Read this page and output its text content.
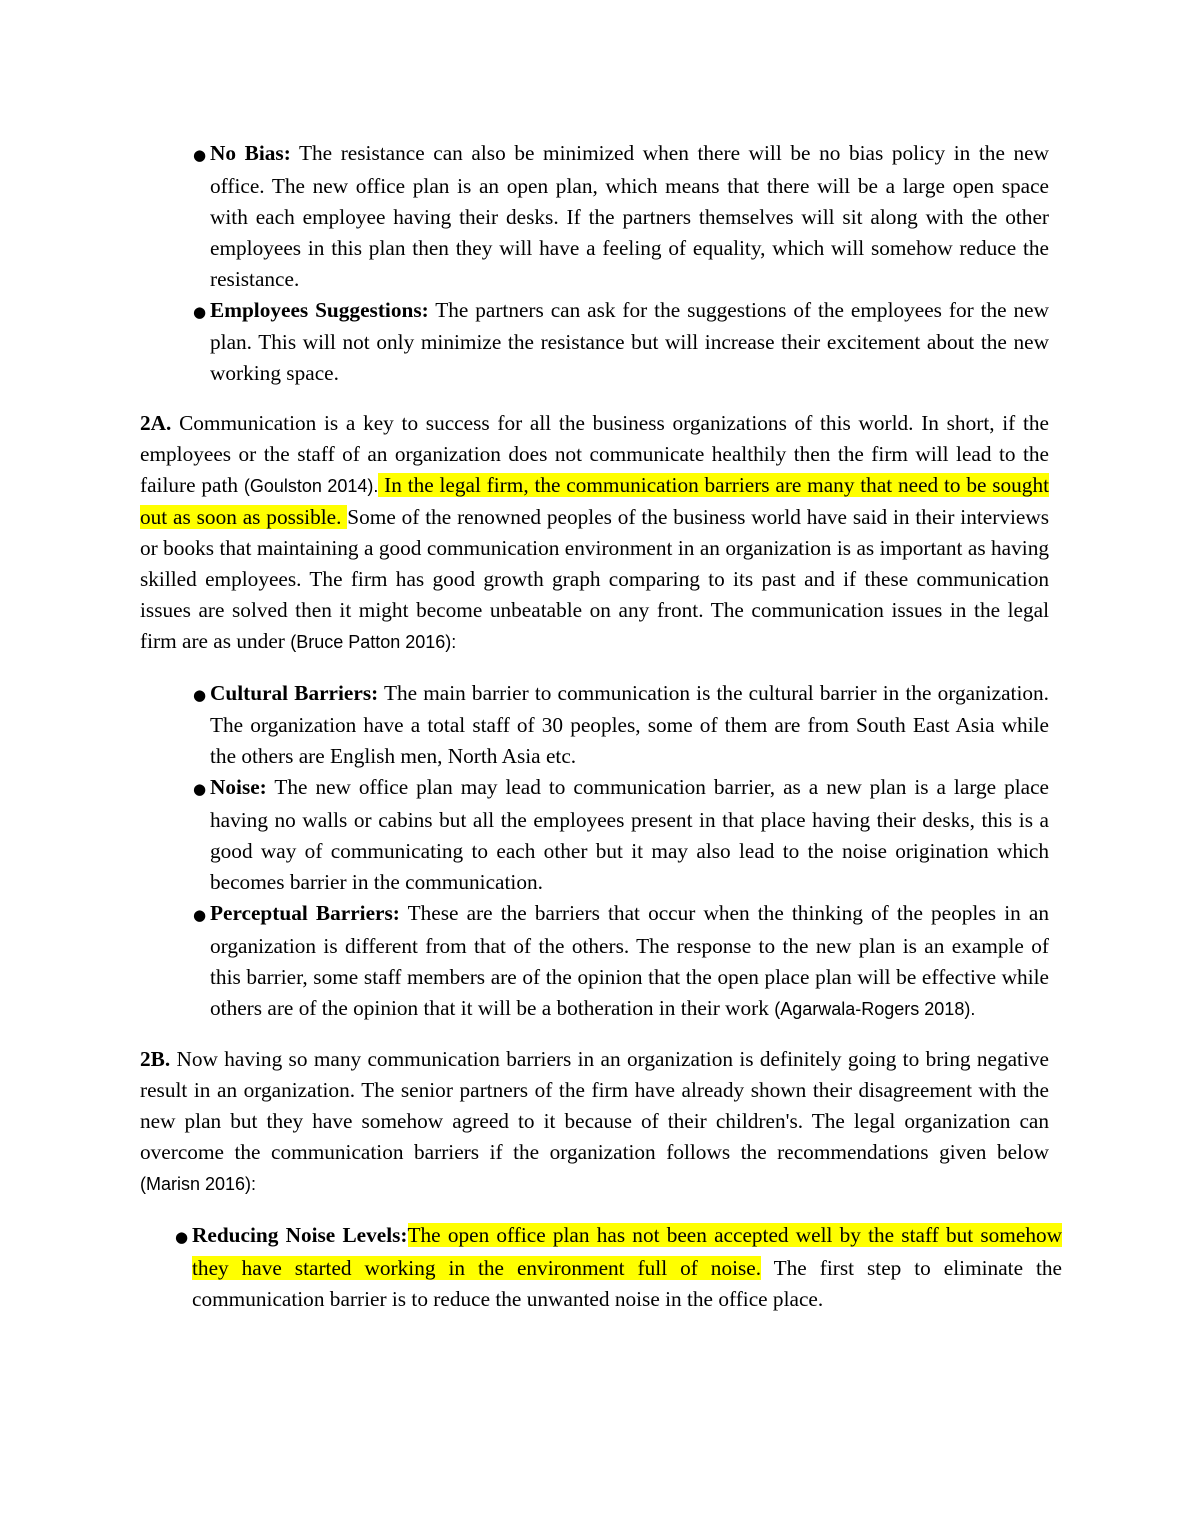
● No Bias: The resistance can also be minimized when there will be no bias policy in the new office. The new office plan is an open plan, which means that there will be a large open space with each employee having their desks. If the partners themselves will sit along with the other employees in this plan then they will have a feeling of equality, which will somehow reduce the resistance.
● Employees Suggestions: The partners can ask for the suggestions of the employees for the new plan. This will not only minimize the resistance but will increase their excitement about the new working space.

2A. Communication is a key to success for all the business organizations of this world. In short, if the employees or the staff of an organization does not communicate healthily then the firm will lead to the failure path (Goulston 2014). In the legal firm, the communication barriers are many that need to be sought out as soon as possible. Some of the renowned peoples of the business world have said in their interviews or books that maintaining a good communication environment in an organization is as important as having skilled employees. The firm has good growth graph comparing to its past and if these communication issues are solved then it might become unbeatable on any front. The communication issues in the legal firm are as under (Bruce Patton 2016):

● Cultural Barriers: The main barrier to communication is the cultural barrier in the organization. The organization have a total staff of 30 peoples, some of them are from South East Asia while the others are English men, North Asia etc.
● Noise: The new office plan may lead to communication barrier, as a new plan is a large place having no walls or cabins but all the employees present in that place having their desks, this is a good way of communicating to each other but it may also lead to the noise origination which becomes barrier in the communication.
● Perceptual Barriers: These are the barriers that occur when the thinking of the peoples in an organization is different from that of the others. The response to the new plan is an example of this barrier, some staff members are of the opinion that the open place plan will be effective while others are of the opinion that it will be a botheration in their work (Agarwala-Rogers 2018).

2B. Now having so many communication barriers in an organization is definitely going to bring negative result in an organization. The senior partners of the firm have already shown their disagreement with the new plan but they have somehow agreed to it because of their children's. The legal organization can overcome the communication barriers if the organization follows the recommendations given below (Marisn 2016):

● Reducing Noise Levels:The open office plan has not been accepted well by the staff but somehow they have started working in the environment full of noise. The first step to eliminate the communication barrier is to reduce the unwanted noise in the office place.
